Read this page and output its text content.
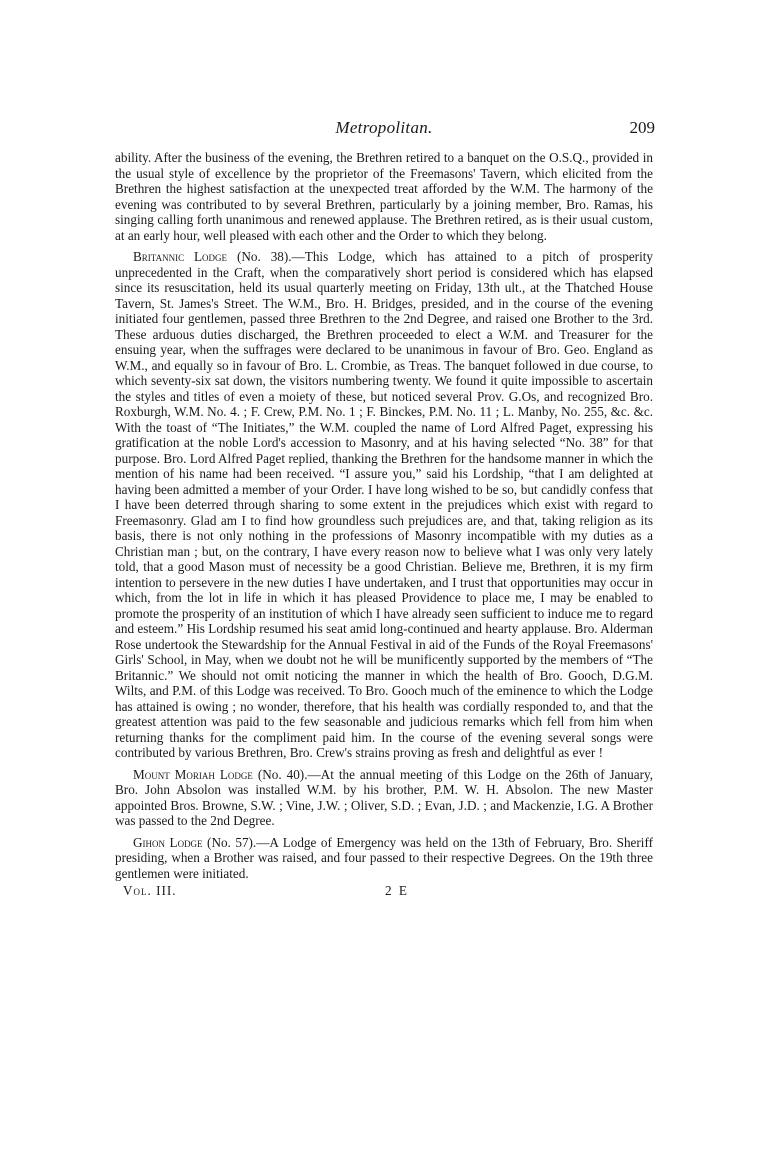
Metropolitan.	209

ability. After the business of the evening, the Brethren retired to a banquet on the O.S.Q., provided in the usual style of excellence by the proprietor of the Freemasons' Tavern, which elicited from the Brethren the highest satisfaction at the unexpected treat afforded by the W.M. The harmony of the evening was contributed to by several Brethren, particularly by a joining member, Bro. Ramas, his singing calling forth unanimous and renewed applause. The Brethren retired, as is their usual custom, at an early hour, well pleased with each other and the Order to which they belong.

Britannic Lodge (No. 38).—This Lodge, which has attained to a pitch of prosperity unprecedented in the Craft, when the comparatively short period is considered which has elapsed since its resuscitation, held its usual quarterly meeting on Friday, 13th ult., at the Thatched House Tavern, St. James's Street. The W.M., Bro. H. Bridges, presided, and in the course of the evening initiated four gentlemen, passed three Brethren to the 2nd Degree, and raised one Brother to the 3rd. These arduous duties discharged, the Brethren proceeded to elect a W.M. and Treasurer for the ensuing year, when the suffrages were declared to be unanimous in favour of Bro. Geo. England as W.M., and equally so in favour of Bro. L. Crombie, as Treas. The banquet followed in due course, to which seventy-six sat down, the visitors numbering twenty. We found it quite impossible to ascertain the styles and titles of even a moiety of these, but noticed several Prov. G.Os, and recognized Bro. Roxburgh, W.M. No. 4. ; F. Crew, P.M. No. 1 ; F. Binckes, P.M. No. 11 ; L. Manby, No. 255, &c. &c. With the toast of “The Initiates,” the W.M. coupled the name of Lord Alfred Paget, expressing his gratification at the noble Lord's accession to Masonry, and at his having selected “No. 38” for that purpose. Bro. Lord Alfred Paget replied, thanking the Brethren for the handsome manner in which the mention of his name had been received. “I assure you,” said his Lordship, “that I am delighted at having been admitted a member of your Order. I have long wished to be so, but candidly confess that I have been deterred through sharing to some extent in the prejudices which exist with regard to Freemasonry. Glad am I to find how groundless such prejudices are, and that, taking religion as its basis, there is not only nothing in the professions of Masonry incompatible with my duties as a Christian man ; but, on the contrary, I have every reason now to believe what I was only very lately told, that a good Mason must of necessity be a good Christian. Believe me, Brethren, it is my firm intention to persevere in the new duties I have undertaken, and I trust that opportunities may occur in which, from the lot in life in which it has pleased Providence to place me, I may be enabled to promote the prosperity of an institution of which I have already seen sufficient to induce me to regard and esteem.” His Lordship resumed his seat amid long-continued and hearty applause. Bro. Alderman Rose undertook the Stewardship for the Annual Festival in aid of the Funds of the Royal Freemasons' Girls' School, in May, when we doubt not he will be munificently supported by the members of “The Britannic.” We should not omit noticing the manner in which the health of Bro. Gooch, D.G.M. Wilts, and P.M. of this Lodge was received. To Bro. Gooch much of the eminence to which the Lodge has attained is owing ; no wonder, therefore, that his health was cordially responded to, and that the greatest attention was paid to the few seasonable and judicious remarks which fell from him when returning thanks for the compliment paid him. In the course of the evening several songs were contributed by various Brethren, Bro. Crew's strains proving as fresh and delightful as ever !

Mount Moriah Lodge (No. 40).—At the annual meeting of this Lodge on the 26th of January, Bro. John Absolon was installed W.M. by his brother, P.M. W. H. Absolon. The new Master appointed Bros. Browne, S.W. ; Vine, J.W. ; Oliver, S.D. ; Evan, J.D. ; and Mackenzie, I.G. A Brother was passed to the 2nd Degree.

Gihon Lodge (No. 57).—A Lodge of Emergency was held on the 13th of February, Bro. Sheriff presiding, when a Brother was raised, and four passed to their respective Degrees. On the 19th three gentlemen were initiated.

Vol. III.	2 E
